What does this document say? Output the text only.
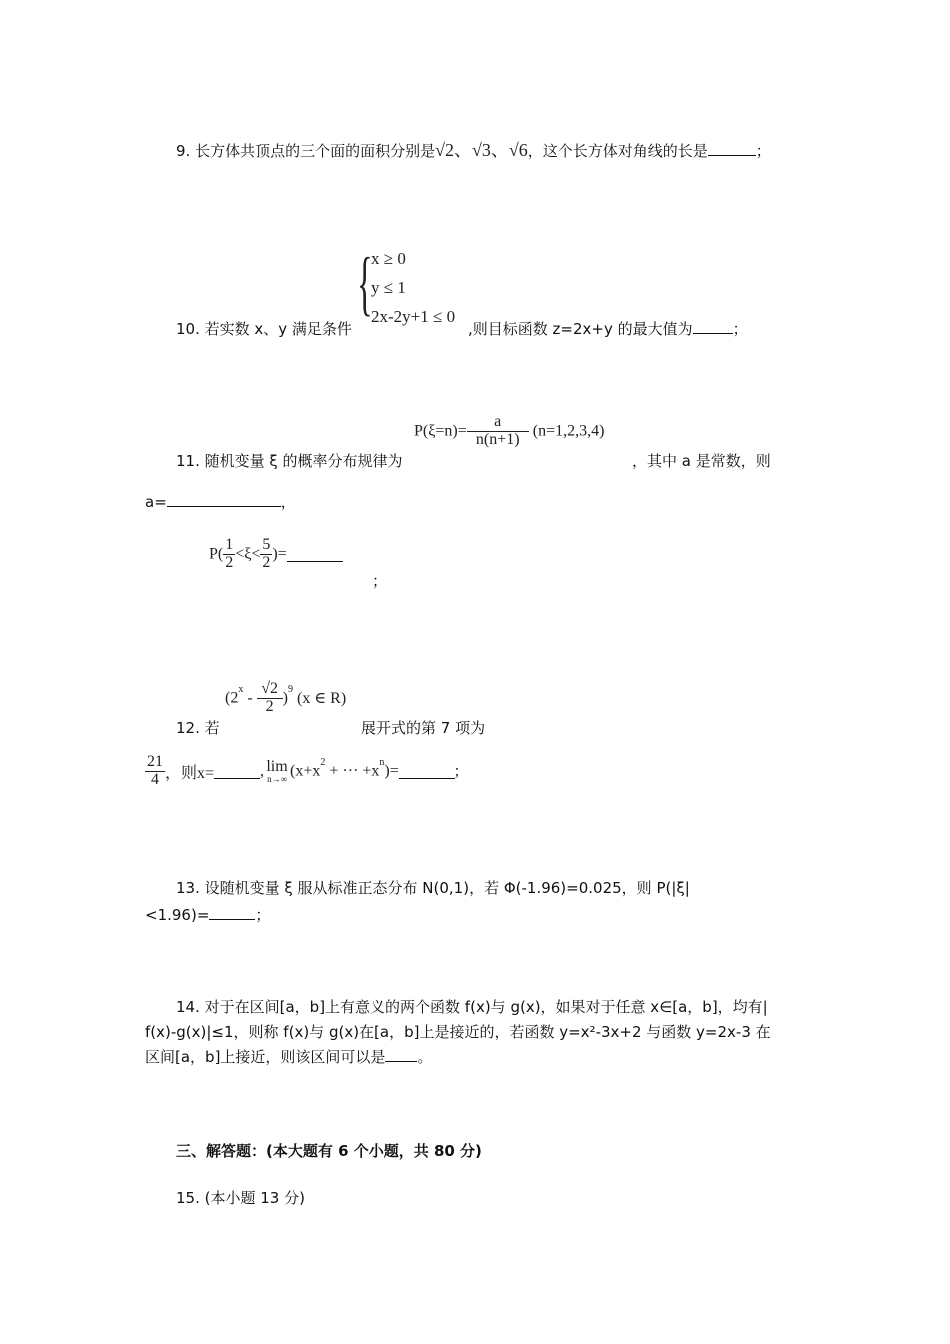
9. 长方体共顶点的三个面的面积分别是√2、√3、√6，这个长方体对角线的长是	；
10. 若实数 x、y 满足条件
{
x ≥ 0
y ≤ 1
2x-2y+1 ≤ 0
,则目标函数 z=2x+y 的最大值为	；
$P(\xi=n)= \frac{a}{n(n+1)} (n=1,2,3,4)$
11. 随机变量 ξ 的概率分布规律为	，其中 a 是常数，则
a=	，
$P( \frac{1}{2} <\xi< \frac{5}{2}$ )=
；
$(2^x - \frac{√2}{2} )^9(x$ ∈ R)
12. 若	展开式的第 7 项为
$\frac{21}{4}$ ，则x=	, lim
n→∞ ($x+x^2$ + ··· $+x^n)=$	;
13. 设随机变量 ξ 服从标准正态分布 N(0,1)，若 Φ(-1.96)=0.025，则 P(|ξ|
<1.96)=	；
14. 对于在区间[a，b]上有意义的两个函数 f(x)与 g(x)，如果对于任意 x∈[a，b]，均有|
f(x)-g(x)|≤1，则称 f(x)与 g(x)在[a，b]上是接近的，若函数 y=x²-3x+2 与函数 y=2x-3 在
区间[a，b]上接近，则该区间可以是 。
三、解答题：(本大题有 6 个小题，共 80 分)
15. (本小题 13 分)
